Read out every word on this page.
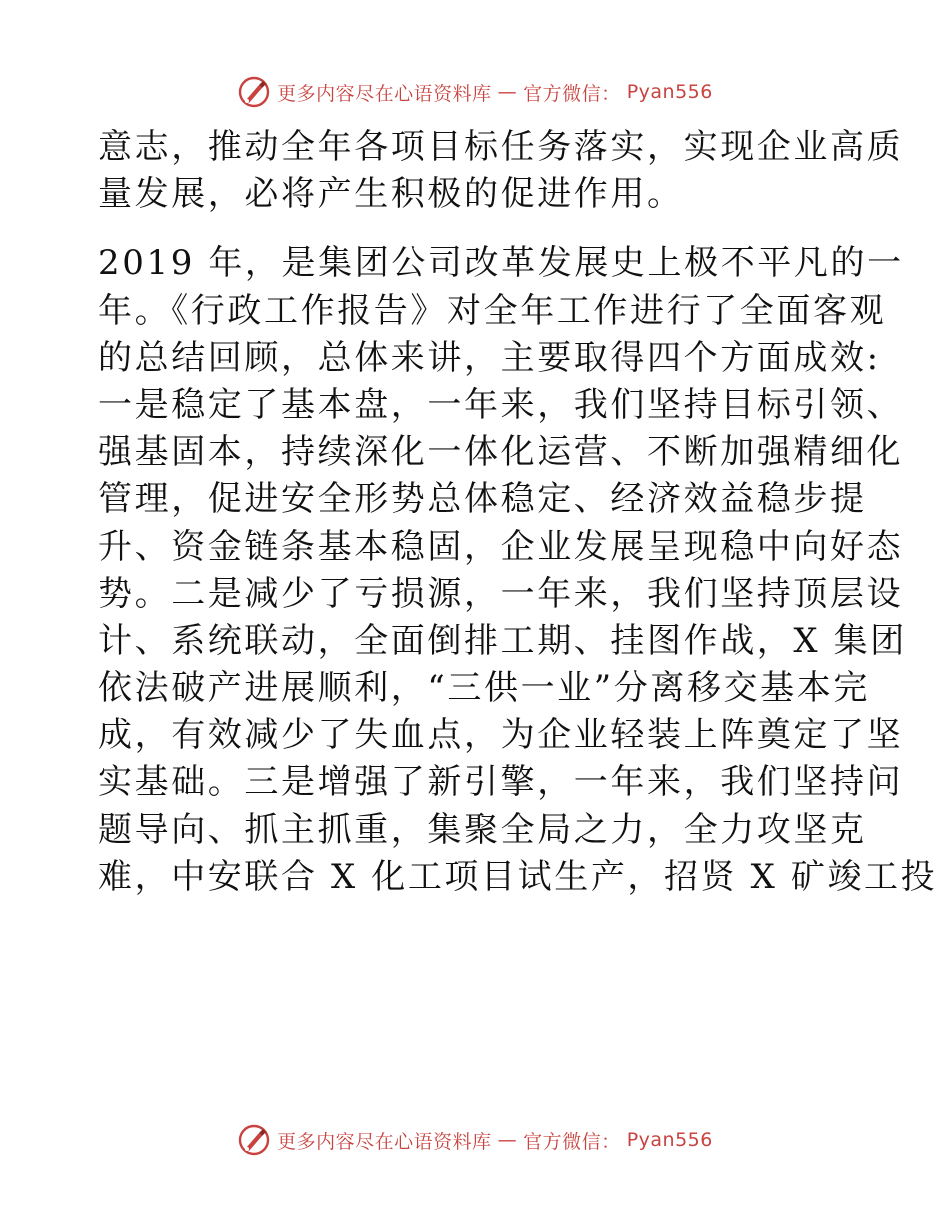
更多内容尽在心语资料库 — 官方微信： Pyan556
意志，推动全年各项目标任务落实，实现企业高质
量发展，必将产生积极的促进作用。
2019 年，是集团公司改革发展史上极不平凡的一
年。《行政工作报告》对全年工作进行了全面客观
的总结回顾，总体来讲，主要取得四个方面成效:
一是稳定了基本盘，一年来，我们坚持目标引领、
强基固本，持续深化一体化运营、不断加强精细化
管理，促进安全形势总体稳定、经济效益稳步提
升、资金链条基本稳固，企业发展呈现稳中向好态
势。二是减少了亏损源，一年来，我们坚持顶层设
计、系统联动，全面倒排工期、挂图作战，X 集团
依法破产进展顺利，“三供一业”分离移交基本完
成，有效减少了失血点，为企业轻装上阵奠定了坚
实基础。三是增强了新引擎，一年来，我们坚持问
题导向、抓主抓重，集聚全局之力，全力攻坚克
难，中安联合 X 化工项目试生产，招贤 X 矿竣工投
更多内容尽在心语资料库 — 官方微信： Pyan556
